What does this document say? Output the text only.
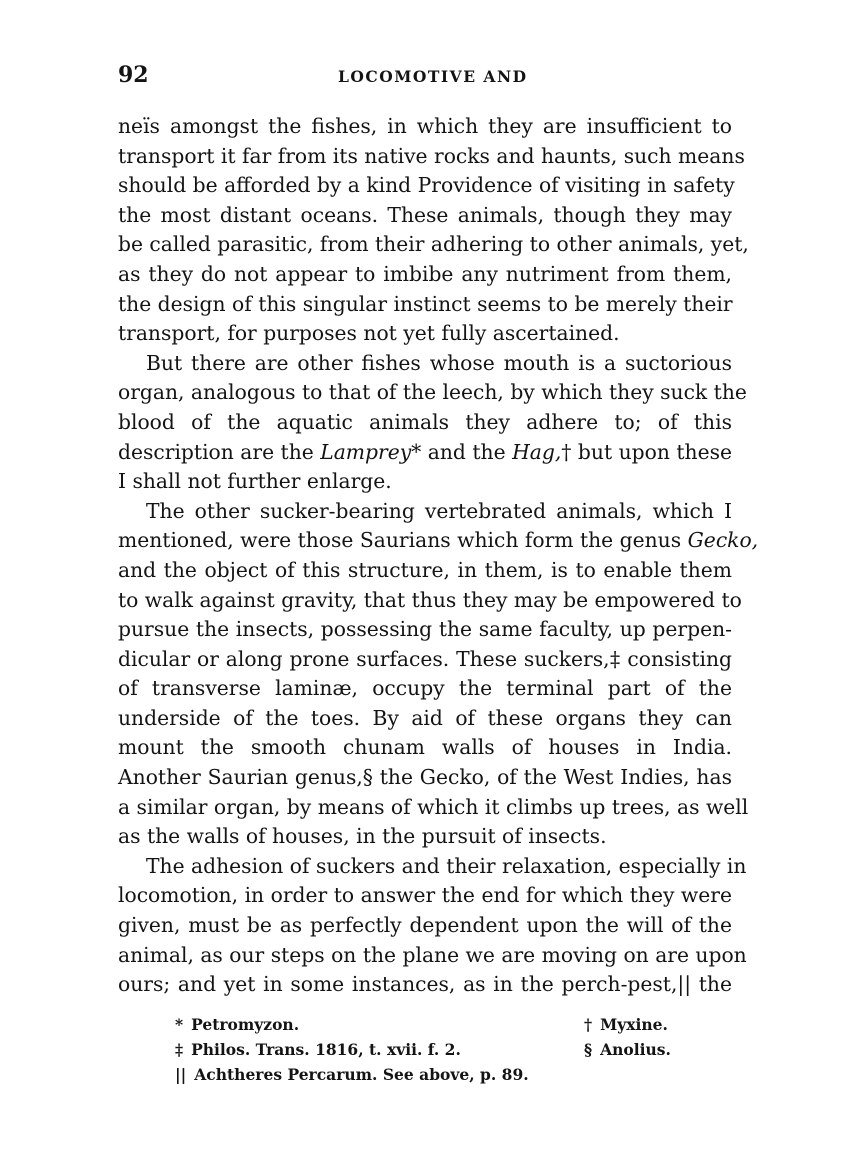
92	LOCOMOTIVE AND
neïs amongst the fishes, in which they are insufficient to
transport it far from its native rocks and haunts, such means
should be afforded by a kind Providence of visiting in safety
the most distant oceans. These animals, though they may
be called parasitic, from their adhering to other animals, yet,
as they do not appear to imbibe any nutriment from them,
the design of this singular instinct seems to be merely their
transport, for purposes not yet fully ascertained.
But there are other fishes whose mouth is a suctorious
organ, analogous to that of the leech, by which they suck the
blood of the aquatic animals they adhere to; of this
description are the Lamprey* and the Hag,† but upon these
I shall not further enlarge.
The other sucker-bearing vertebrated animals, which I
mentioned, were those Saurians which form the genus Gecko,
and the object of this structure, in them, is to enable them
to walk against gravity, that thus they may be empowered to
pursue the insects, possessing the same faculty, up perpen-
dicular or along prone surfaces. These suckers,‡ consisting
of transverse laminæ, occupy the terminal part of the
underside of the toes. By aid of these organs they can
mount the smooth chunam walls of houses in India.
Another Saurian genus,§ the Gecko, of the West Indies, has
a similar organ, by means of which it climbs up trees, as well
as the walls of houses, in the pursuit of insects.
The adhesion of suckers and their relaxation, especially in
locomotion, in order to answer the end for which they were
given, must be as perfectly dependent upon the will of the
animal, as our steps on the plane we are moving on are upon
ours; and yet in some instances, as in the perch-pest,|| the
* Petromyzon.	† Myxine.
‡ Philos. Trans. 1816, t. xvii. f. 2.	§ Anolius.
|| Achtheres Percarum. See above, p. 89.
